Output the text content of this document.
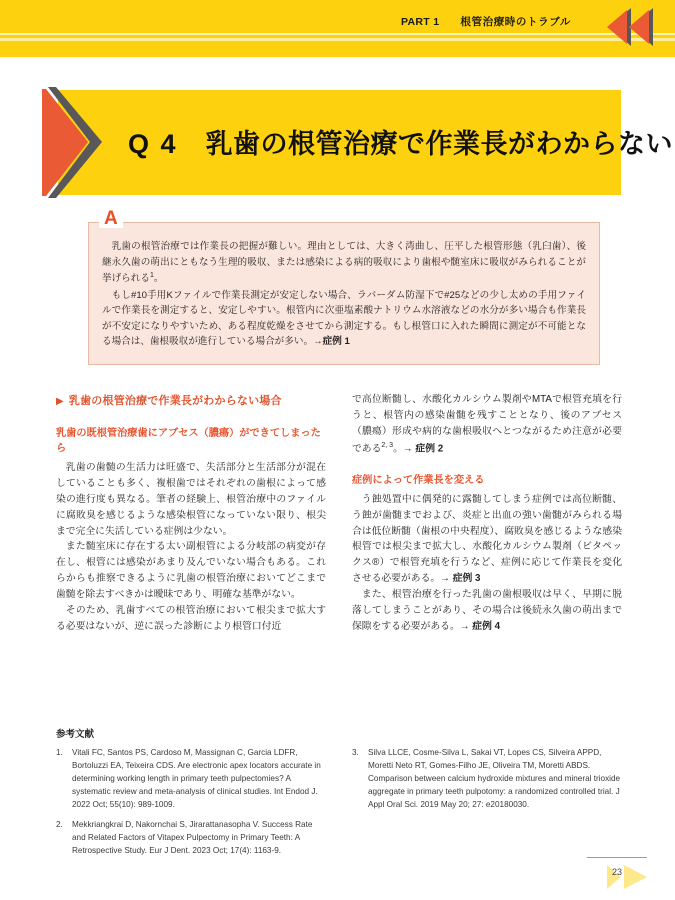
PART 1 根管治療時のトラブル
Q 4 乳歯の根管治療で作業長がわからない
A

乳歯の根管治療では作業長の把握が難しい。理由としては、大きく湾曲し、圧平した根管形態（乳臼歯）、後継永久歯の萌出にともなう生理的吸収、または感染による病的吸収により歯根や髄室床に吸収がみられることが挙げられる$^1$。

もし#10手用Kファイルで作業長測定が安定しない場合、ラバーダム防湿下で#25などの少し太めの手用ファイルで作業長を測定すると、安定しやすい。根管内に次亜塩素酸ナトリウム水溶液などの水分が多い場合も作業長が不安定になりやすいため、ある程度乾燥をさせてから測定する。もし根管口に入れた瞬間に測定が不可能となる場合は、歯根吸収が進行している場合が多い。→症例 1

▶ 乳歯の根管治療で作業長がわからない場合
乳歯の既根管治療歯にアブセス（膿瘍）ができてしまったら

乳歯の歯髄の生活力は旺盛で、失活部分と生活部分が混在していることも多く、複根歯ではそれぞれの歯根によって感染の進行度も異なる。筆者の経験上、根管治療中のファイルに腐敗臭を感じるような感染根管になっていない限り、根尖まで完全に失活している症例は少ない。

また髄室床に存在する太い副根管による分岐部の病変が存在し、根管には感染があまり及んでいない場合もある。これらからも推察できるように乳歯の根管治療においてどこまで歯髄を除去すべきかは曖昧であり、明確な基準がない。

そのため、乳歯すべての根管治療において根尖まで拡大する必要はないが、逆に誤った診断により根管口付近

で高位断髄し、水酸化カルシウム製剤やMTAで根管充填を行うと、根管内の感染歯髄を残すこととなり、後のアブセス（膿瘍）形成や病的な歯根吸収へとつながるため注意が必要である$^{2, 3}$。→ 症例 2

症例によって作業長を変える

う蝕処置中に偶発的に露髄してしまう症例では高位断髄、う蝕が歯髄までおよび、炎症と出血の強い歯髄がみられる場合は低位断髄（歯根の中央程度）、腐敗臭を感じるような感染根管では根尖まで拡大し、水酸化カルシウム製剤（ビタペックス®）で根管充填を行うなど、症例に応じて作業長を変化させる必要がある。→ 症例 3

また、根管治療を行った乳歯の歯根吸収は早く、早期に脱落してしまうことがあり、その場合は後続永久歯の萌出まで保隙をする必要がある。→ 症例 4

参考文献
1.	Vitali FC, Santos PS, Cardoso M, Massignan C, Garcia LDFR, Bortoluzzi EA, Teixeira CDS. Are electronic apex locators accurate in determining working length in primary teeth pulpectomies? A systematic review and meta-analysis of clinical studies. Int Endod J. 2022 Oct; 55(10): 989-1009.
2.	Mekkriangkrai D, Nakornchai S, Jirarattanasopha V. Success Rate and Related Factors of Vitapex Pulpectomy in Primary Teeth: A Retrospective Study. Eur J Dent. 2023 Oct; 17(4): 1163-9.
3.	Silva LLCE, Cosme-Silva L, Sakai VT, Lopes CS, Silveira APPD, Moretti Neto RT, Gomes-Filho JE, Oliveira TM, Moretti ABDS. Comparison between calcium hydroxide mixtures and mineral trioxide aggregate in primary teeth pulpotomy: a randomized controlled trial. J Appl Oral Sci. 2019 May 20; 27: e20180030.
23
